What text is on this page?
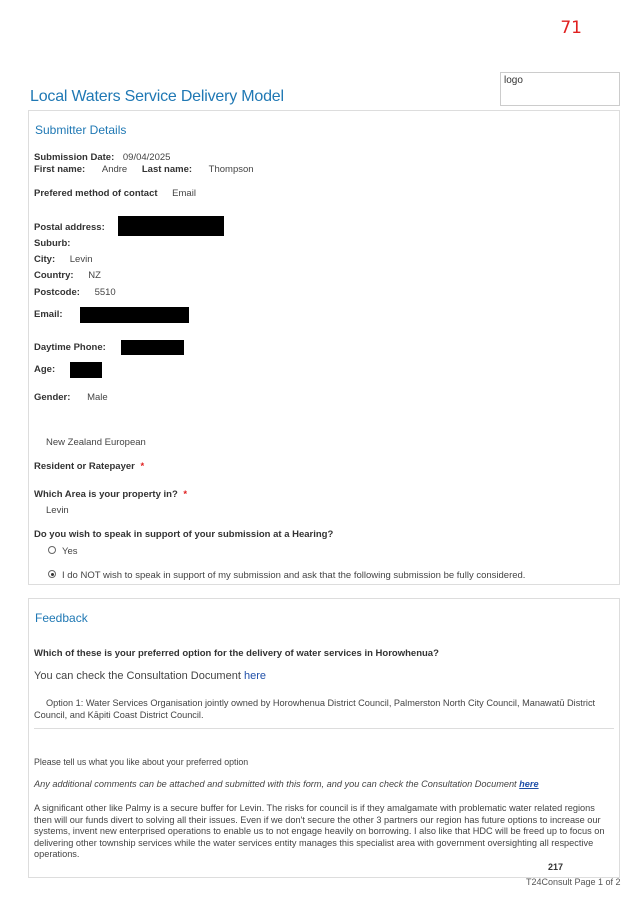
71
logo
Local Waters Service Delivery Model
Submitter Details
Submission Date: 09/04/2025
First name: Andre Last name: Thompson
Prefered method of contact Email
Postal address:
Suburb:
City: Levin
Country: NZ
Postcode: 5510
Email:
Daytime Phone:
Age:
Gender: Male
New Zealand European
Resident or Ratepayer *
Which Area is your property in? *
Levin
Do you wish to speak in support of your submission at a Hearing?
Yes
I do NOT wish to speak in support of my submission and ask that the following submission be fully considered.
Feedback
Which of these is your preferred option for the delivery of water services in Horowhenua?
You can check the Consultation Document here
Option 1: Water Services Organisation jointly owned by Horowhenua District Council, Palmerston North City Council, Manawatū District Council, and Kāpiti Coast District Council.
Please tell us what you like about your preferred option
Any additional comments can be attached and submitted with this form, and you can check the Consultation Document here
A significant other like Palmy is a secure buffer for Levin. The risks for council is if they amalgamate with problematic water related regions then will our funds divert to solving all their issues. Even if we don't secure the other 3 partners our region has future options to increase our systems, invent new enterprised operations to enable us to not engage heavily on borrowing. I also like that HDC will be freed up to focus on delivering other township services while the water services entity manages this specialist area with government oversighting all respective operations.
217
T24Consult Page 1 of 2
